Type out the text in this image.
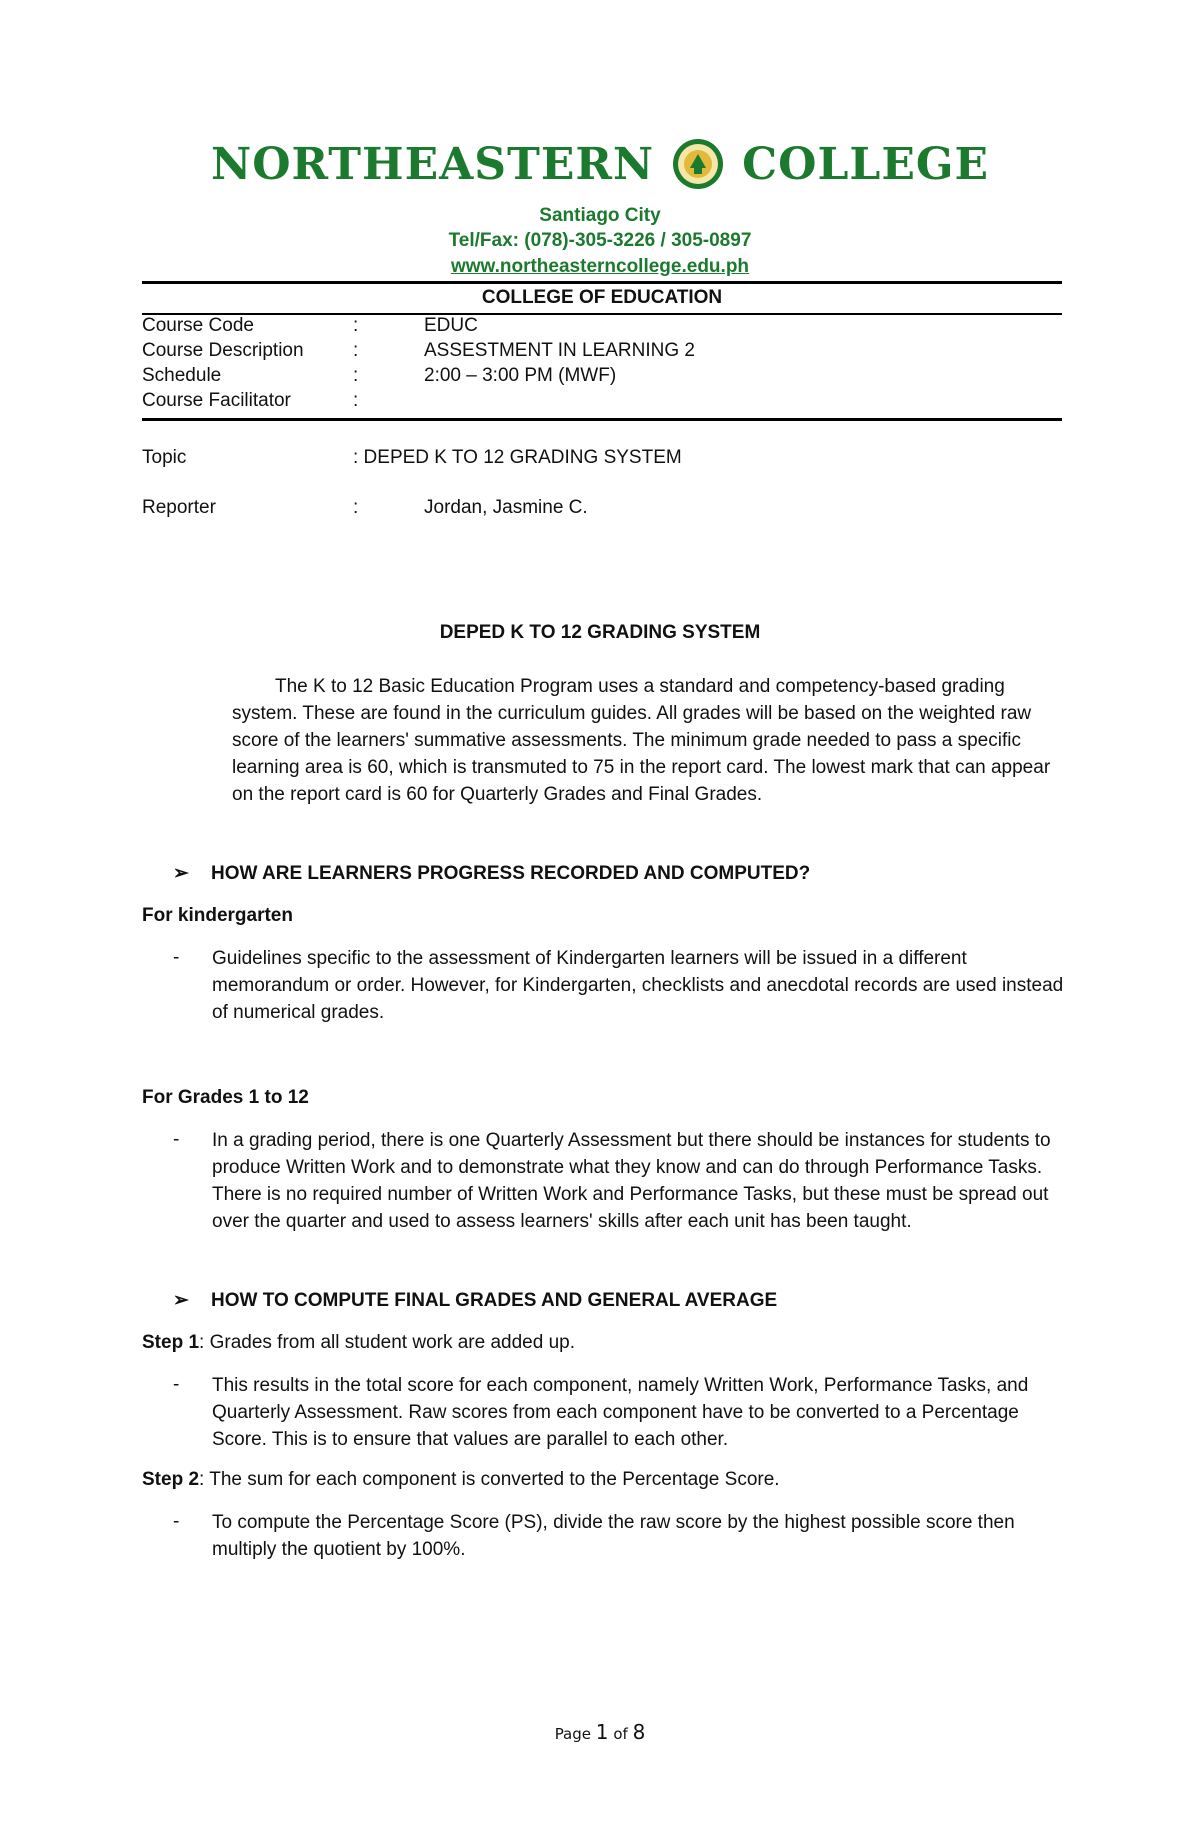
NORTHEASTERN COLLEGE
Santiago City
Tel/Fax: (078)-305-3226 / 305-0897
www.northeasterncollege.edu.ph
COLLEGE OF EDUCATION
Course Code	:	EDUC
Course Description	:	ASSESTMENT IN LEARNING 2
Schedule	:	2:00 – 3:00 PM (MWF)
Course Facilitator	:
Topic	: DEPED K TO 12 GRADING SYSTEM
Reporter	:	Jordan, Jasmine C.
DEPED K TO 12 GRADING SYSTEM
The K to 12 Basic Education Program uses a standard and competency-based grading system. These are found in the curriculum guides. All grades will be based on the weighted raw score of the learners' summative assessments. The minimum grade needed to pass a specific learning area is 60, which is transmuted to 75 in the report card. The lowest mark that can appear on the report card is 60 for Quarterly Grades and Final Grades.
➢ HOW ARE LEARNERS PROGRESS RECORDED AND COMPUTED?
For kindergarten
- Guidelines specific to the assessment of Kindergarten learners will be issued in a different memorandum or order. However, for Kindergarten, checklists and anecdotal records are used instead of numerical grades.
For Grades 1 to 12
- In a grading period, there is one Quarterly Assessment but there should be instances for students to produce Written Work and to demonstrate what they know and can do through Performance Tasks. There is no required number of Written Work and Performance Tasks, but these must be spread out over the quarter and used to assess learners' skills after each unit has been taught.
➢ HOW TO COMPUTE FINAL GRADES AND GENERAL AVERAGE
Step 1: Grades from all student work are added up.
- This results in the total score for each component, namely Written Work, Performance Tasks, and Quarterly Assessment. Raw scores from each component have to be converted to a Percentage Score. This is to ensure that values are parallel to each other.
Step 2: The sum for each component is converted to the Percentage Score.
- To compute the Percentage Score (PS), divide the raw score by the highest possible score then multiply the quotient by 100%.
Page 1 of 8
